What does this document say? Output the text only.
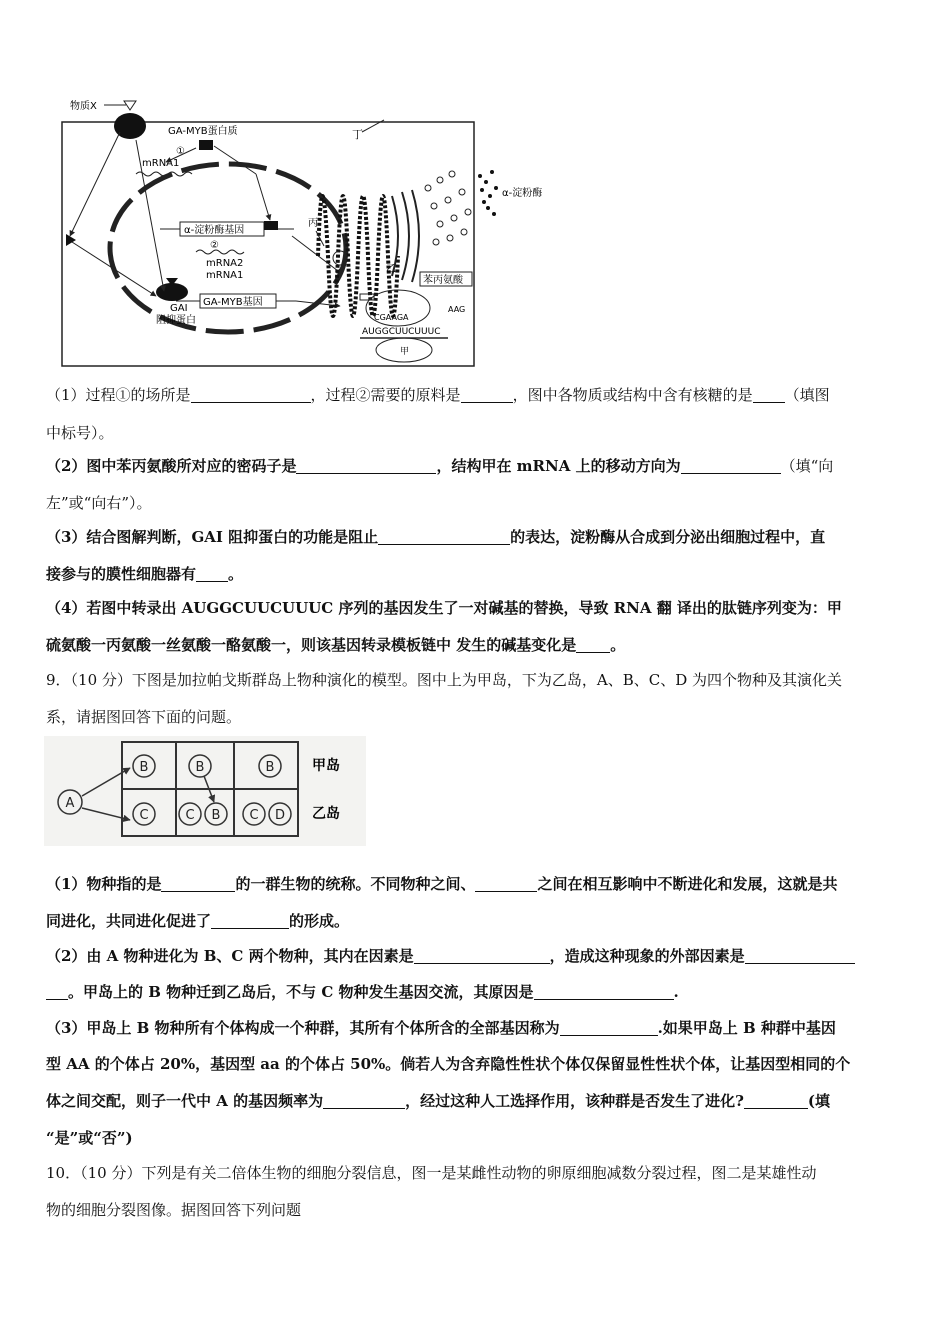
物质X
GA-MYB蛋白质
①
mRNA1
α-淀粉酶基因
②
mRNA2
mRNA1
GA-MYB基因
GAI
阻抑蛋白
丙
丁
乙
α-淀粉酶
苯丙氨酸
AAG
CGAAGA
AUGGCUUCUUUC
甲
（1）过程①的场所是	，过程②需要的原料是	，图中各物质或结构中含有核糖的是 （填图
中标号）。
（2）图中苯丙氨酸所对应的密码子是	，结构甲在 mRNA 上的移动方向为	（填“向
左”或“向右”）。
（3）结合图解判断，GAI 阻抑蛋白的功能是阻止	的表达，淀粉酶从合成到分泌出细胞过程中，直
接参与的膜性细胞器有 。
（4）若图中转录出 AUGGCUUCUUUC 序列的基因发生了一对碱基的替换，导致 RNA 翻 译出的肽链序列变为：甲
硫氨酸一丙氨酸一丝氨酸一酪氨酸一，则该基因转录模板链中 发生的碱基变化是 。
9．（10 分）下图是加拉帕戈斯群岛上物种演化的模型。图中上为甲岛，下为乙岛，A、B、C、D 为四个物种及其演化关
系，请据图回答下面的问题。
A
B	B	B
C	C B C D
甲岛
乙岛
（1）物种指的是	的一群生物的统称。不同物种之间、	之间在相互影响中不断进化和发展，这就是共
同进化，共同进化促进了	的形成。
（2）由 A 物种进化为 B、C 两个物种，其内在因素是	，造成这种现象的外部因素是
。甲岛上的 B 物种迁到乙岛后，不与 C 物种发生基因交流，其原因是	.
（3）甲岛上 B 物种所有个体构成一个种群，其所有个体所含的全部基因称为	.如果甲岛上 B 种群中基因
型 AA 的个体占 20%，基因型 aa 的个体占 50%。倘若人为含弃隐性性状个体仅保留显性性状个体，让基因型相同的个
体之间交配，则子一代中 A 的基因频率为	，经过这种人工选择作用，该种群是否发生了进化?	(填
“是”或“否”)
10．（10 分）下列是有关二倍体生物的细胞分裂信息，图一是某雌性动物的卵原细胞减数分裂过程，图二是某雄性动
物的细胞分裂图像。据图回答下列问题
